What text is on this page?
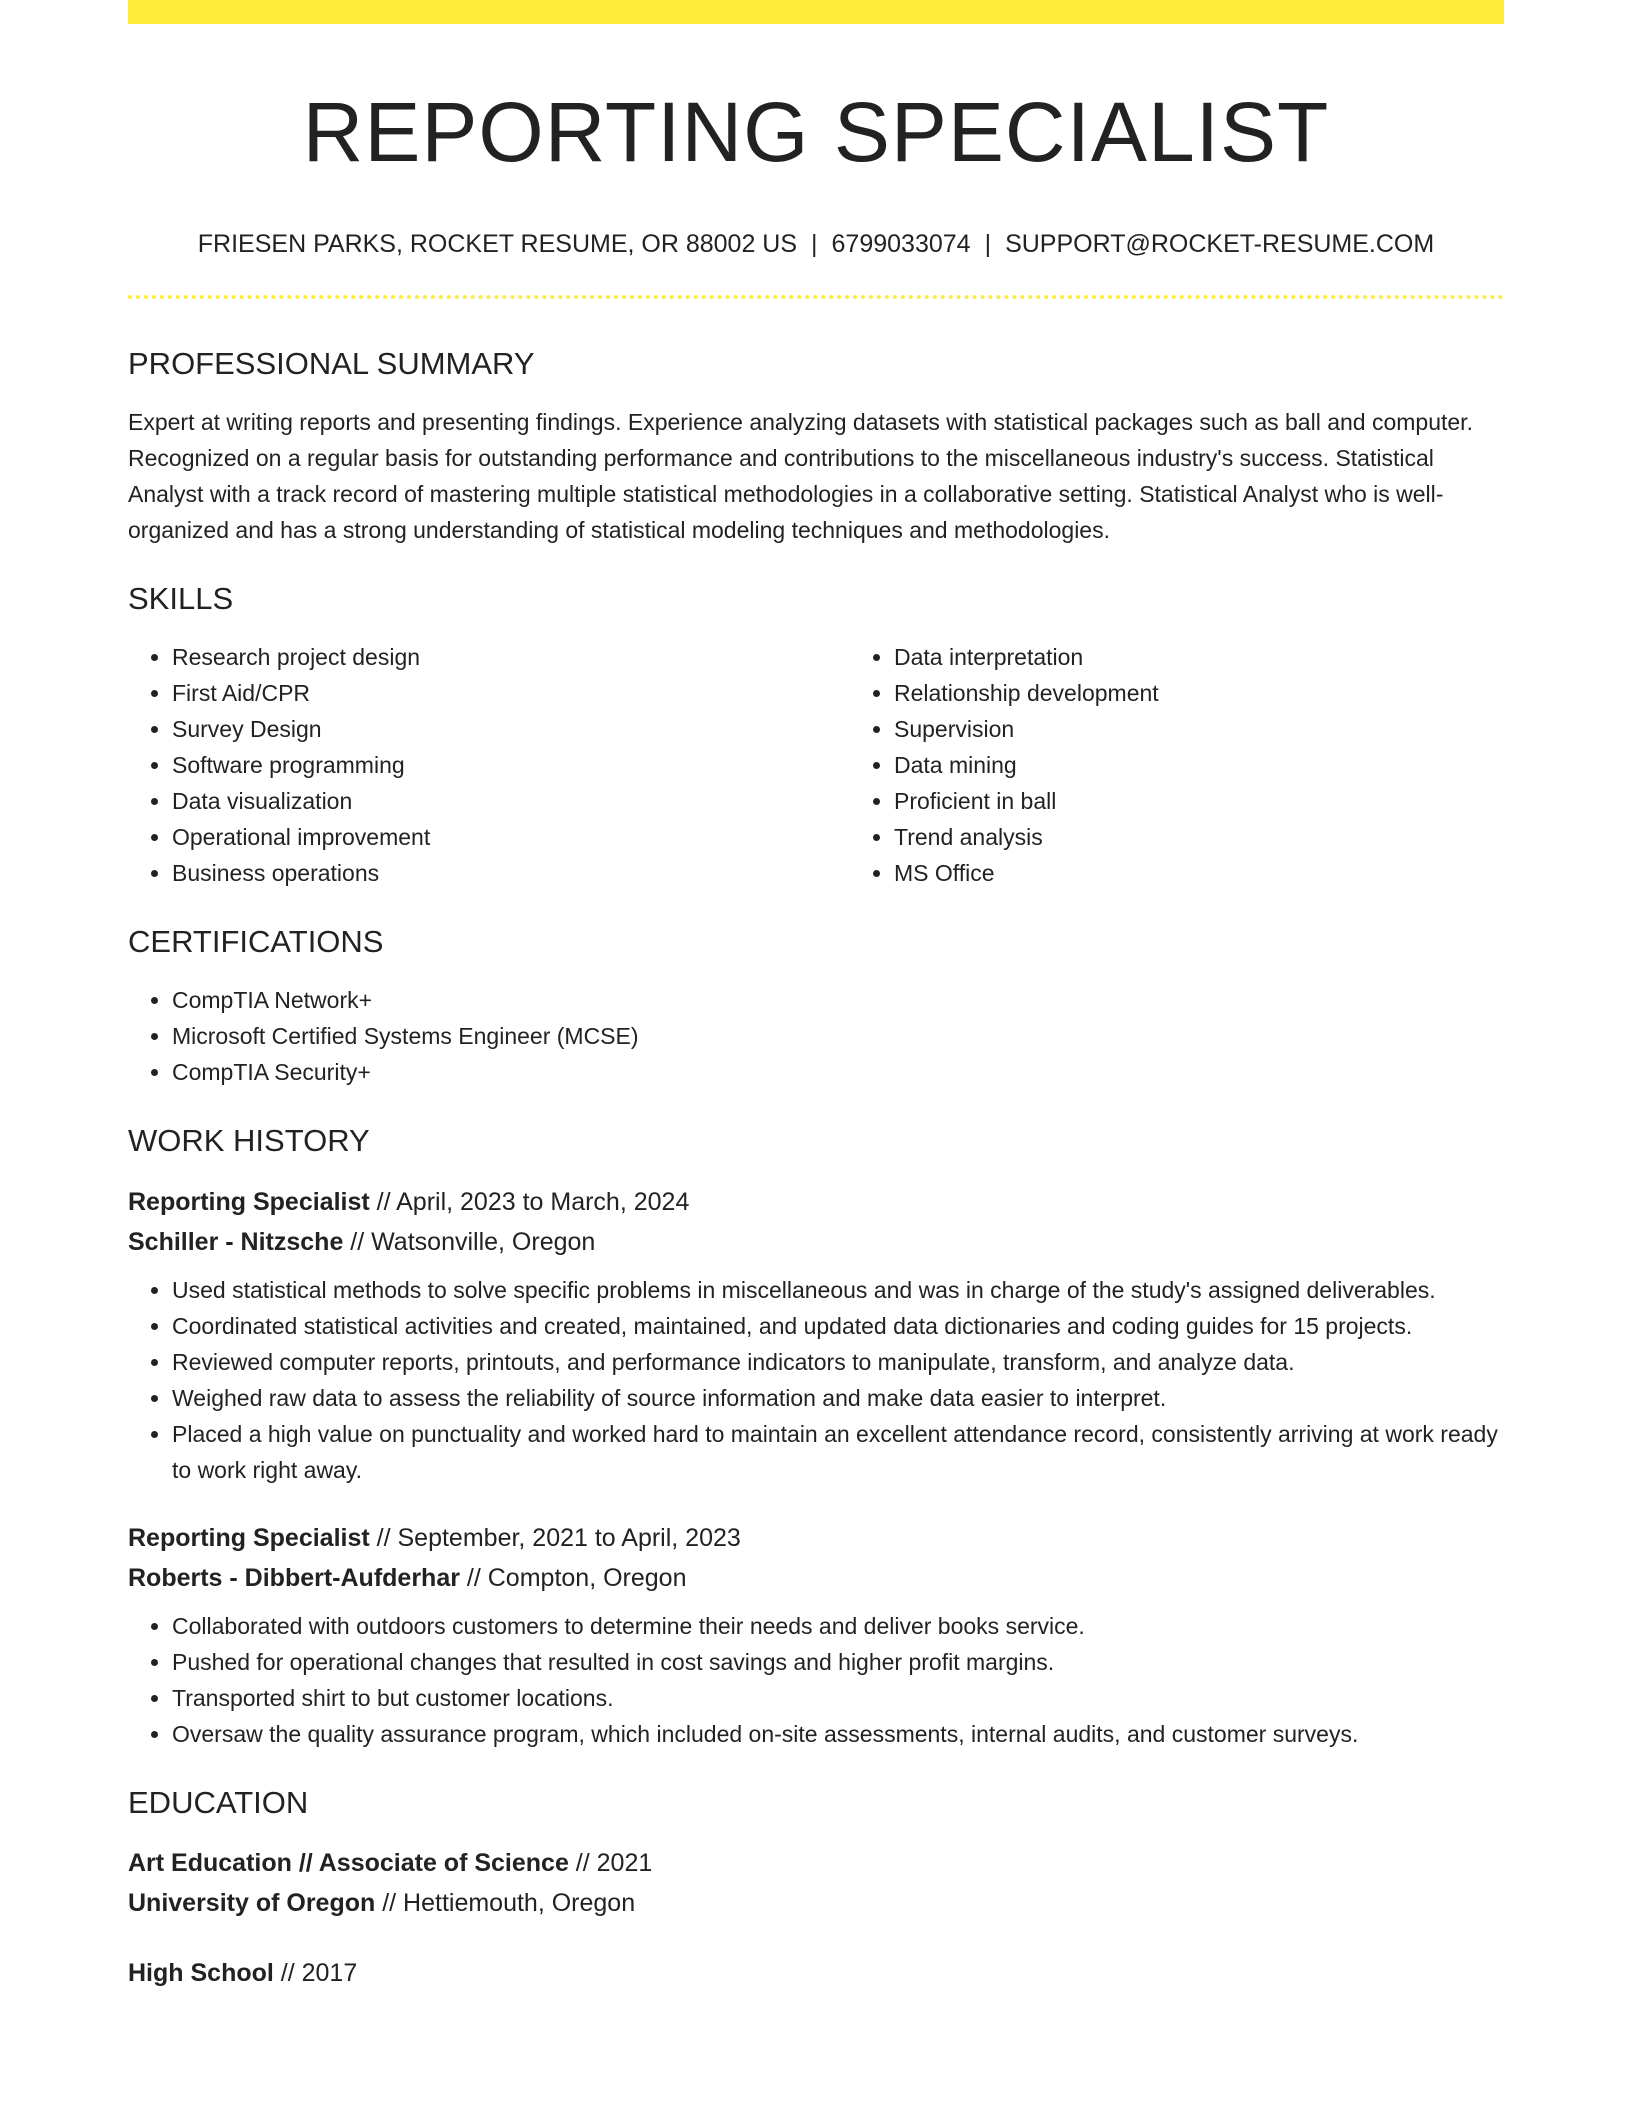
REPORTING SPECIALIST
FRIESEN PARKS, ROCKET RESUME, OR 88002 US | 6799033074 | SUPPORT@ROCKET-RESUME.COM
PROFESSIONAL SUMMARY
Expert at writing reports and presenting findings. Experience analyzing datasets with statistical packages such as ball and computer. Recognized on a regular basis for outstanding performance and contributions to the miscellaneous industry's success. Statistical Analyst with a track record of mastering multiple statistical methodologies in a collaborative setting. Statistical Analyst who is well-organized and has a strong understanding of statistical modeling techniques and methodologies.
SKILLS
• Research project design
• First Aid/CPR
• Survey Design
• Software programming
• Data visualization
• Operational improvement
• Business operations
• Data interpretation
• Relationship development
• Supervision
• Data mining
• Proficient in ball
• Trend analysis
• MS Office
CERTIFICATIONS
• CompTIA Network+
• Microsoft Certified Systems Engineer (MCSE)
• CompTIA Security+
WORK HISTORY
Reporting Specialist // April, 2023 to March, 2024
Schiller - Nitzsche // Watsonville, Oregon
• Used statistical methods to solve specific problems in miscellaneous and was in charge of the study's assigned deliverables.
• Coordinated statistical activities and created, maintained, and updated data dictionaries and coding guides for 15 projects.
• Reviewed computer reports, printouts, and performance indicators to manipulate, transform, and analyze data.
• Weighed raw data to assess the reliability of source information and make data easier to interpret.
• Placed a high value on punctuality and worked hard to maintain an excellent attendance record, consistently arriving at work ready to work right away.
Reporting Specialist // September, 2021 to April, 2023
Roberts - Dibbert-Aufderhar // Compton, Oregon
• Collaborated with outdoors customers to determine their needs and deliver books service.
• Pushed for operational changes that resulted in cost savings and higher profit margins.
• Transported shirt to but customer locations.
• Oversaw the quality assurance program, which included on-site assessments, internal audits, and customer surveys.
EDUCATION
Art Education // Associate of Science // 2021
University of Oregon // Hettiemouth, Oregon
High School // 2017
